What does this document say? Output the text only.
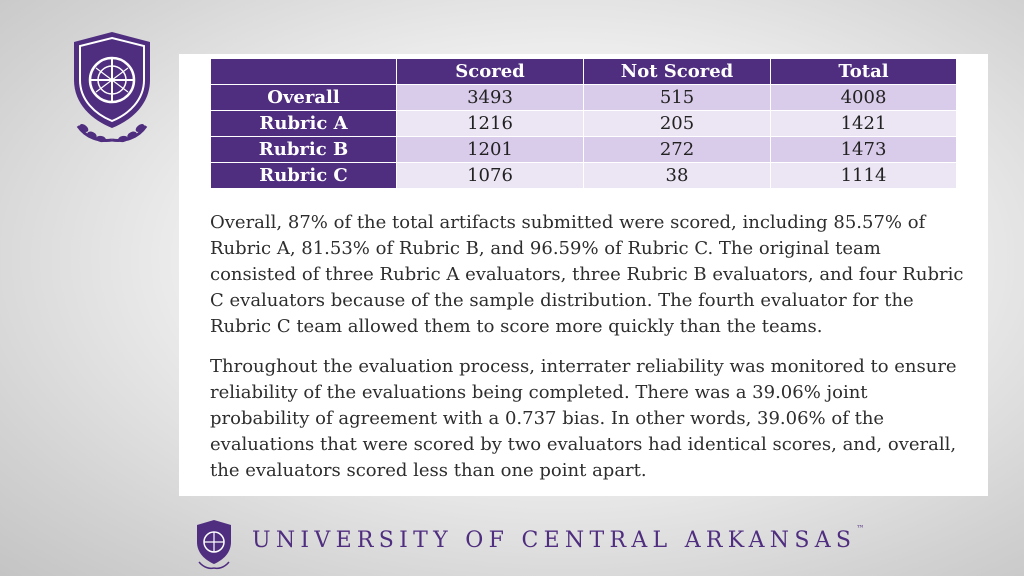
	Scored	Not Scored	Total
Overall	3493	515	4008
Rubric A	1216	205	1421
Rubric B	1201	272	1473
Rubric C	1076	38	1114

Overall, 87% of the total artifacts submitted were scored, including 85.57% of Rubric A, 81.53% of Rubric B, and 96.59% of Rubric C. The original team consisted of three Rubric A evaluators, three Rubric B evaluators, and four Rubric C evaluators because of the sample distribution. The fourth evaluator for the Rubric C team allowed them to score more quickly than the teams.

Throughout the evaluation process, interrater reliability was monitored to ensure reliability of the evaluations being completed. There was a 39.06% joint probability of agreement with a 0.737 bias. In other words, 39.06% of the evaluations that were scored by two evaluators had identical scores, and, overall, the evaluators scored less than one point apart.

UNIVERSITY OF CENTRAL ARKANSAS™
